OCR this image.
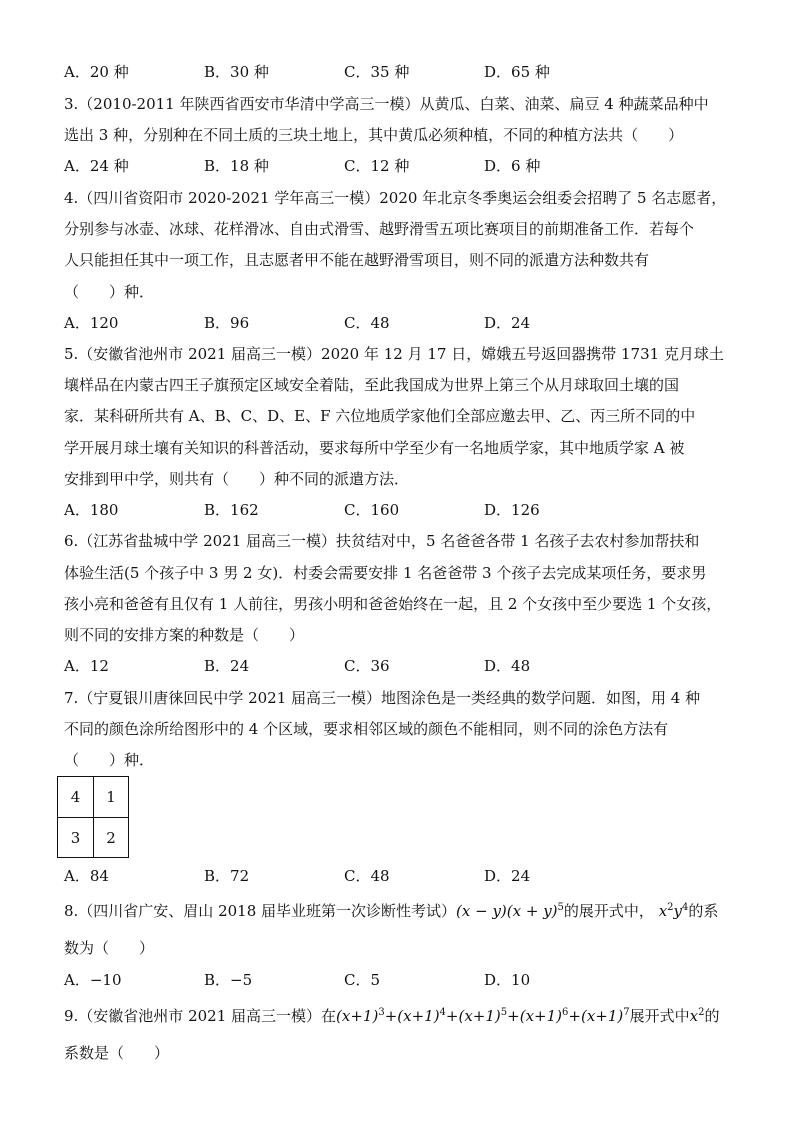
A．20 种	B．30 种	C．35 种	D．65 种
3.（2010-2011 年陕西省西安市华清中学高三一模）从黄瓜、白菜、油菜、扁豆 4 种蔬菜品种中
选出 3 种，分别种在不同土质的三块土地上，其中黄瓜必须种植，不同的种植方法共（　　）
A．24 种	B．18 种	C．12 种	D．6 种
4.（四川省资阳市 2020-2021 学年高三一模）2020 年北京冬季奥运会组委会招聘了 5 名志愿者，
分别参与冰壶、冰球、花样滑冰、自由式滑雪、越野滑雪五项比赛项目的前期准备工作．若每个
人只能担任其中一项工作，且志愿者甲不能在越野滑雪项目，则不同的派遣方法种数共有
（　　）种．
A．120	B．96	C．48	D．24
5.（安徽省池州市 2021 届高三一模）2020 年 12 月 17 日，嫦娥五号返回器携带 1731 克月球土
壤样品在内蒙古四王子旗预定区域安全着陆，至此我国成为世界上第三个从月球取回土壤的国
家．某科研所共有 A、B、C、D、E、F 六位地质学家他们全部应邀去甲、乙、丙三所不同的中
学开展月球土壤有关知识的科普活动，要求每所中学至少有一名地质学家，其中地质学家 A 被
安排到甲中学，则共有（　　）种不同的派遣方法．
A．180	B．162	C．160	D．126
6.（江苏省盐城中学 2021 届高三一模）扶贫结对中，5 名爸爸各带 1 名孩子去农村参加帮扶和
体验生活(5 个孩子中 3 男 2 女)．村委会需要安排 1 名爸爸带 3 个孩子去完成某项任务，要求男
孩小亮和爸爸有且仅有 1 人前往，男孩小明和爸爸始终在一起，且 2 个女孩中至少要选 1 个女孩，
则不同的安排方案的种数是（　　）
A．12	B．24	C．36	D．48
7.（宁夏银川唐徕回民中学 2021 届高三一模）地图涂色是一类经典的数学问题．如图，用 4 种
不同的颜色涂所给图形中的 4 个区域，要求相邻区域的颜色不能相同，则不同的涂色方法有
（　　）种．
4	1
3	2
A．84	B．72	C．48	D．24
8.（四川省广安、眉山 2018 届毕业班第一次诊断性考试）$(x - y)(x + y)^5$的展开式中， $x^2y^4$的系
数为（　　）
A．−10	B．−5	C．5	D．10
9.（安徽省池州市 2021 届高三一模）在$(x+1)^3+(x+1)^4+(x+1)^5+(x+1)^6+(x+1)^7$展开式中$x^2$的
系数是（　　）
